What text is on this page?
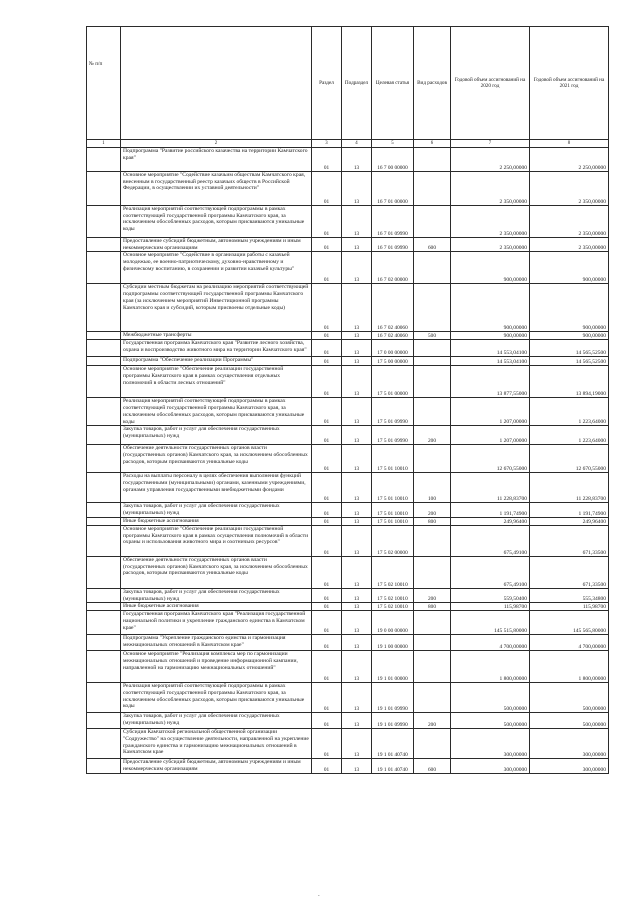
№ п/п		Раздел	Подраздел	Целевая статья	Вид расходов	Годовой объем ассигнований на 2020 год	Годовой объем ассигнований на 2021 год
1	2	3	4	5	6	7	8
	Подпрограмма "Развитие российского казачества на территории Камчатского края"	01	13	16 7 00 00000		2 250,00000	2 250,00000
	Основное мероприятие "Содействие казачьим обществам Камчатского края, внесенным в государственный реестр казачьих обществ в Российской Федерации, в осуществлении их уставной деятельности"	01	13	16 7 01 00000		2 350,00000	2 350,00000
	Реализация мероприятий соответствующей подпрограммы в рамках соответствующей государственной программы Камчатского края, за исключением обособленных расходов, которым присваиваются уникальные коды	01	13	16 7 01 09990		2 350,00000	2 350,00000
	Предоставление субсидий бюджетным, автономным учреждениям и иным некоммерческим организациям	01	13	16 7 01 09990	600	2 350,00000	2 350,00000
	Основное мероприятие "Содействие в организации работы с казачьей молодежью, ее военно-патриотическому, духовно-нравственному и физическому воспитанию, в сохранении и развитии казачьей культуры"	01	13	16 7 02 00000		900,00000	900,00000
	Субсидии местным бюджетам на реализацию мероприятий соответствующей подпрограммы соответствующей государственной программы Камчатского края (за исключением мероприятий Инвестиционной программы Камчатского края и субсидий, которым присвоены отдельные коды)	01	13	16 7 02 40060		900,00000	900,00000
	Межбюджетные трансферты	01	13	16 7 02 40060	500	900,00000	900,00000
	Государственная программа Камчатского края "Развитие лесного хозяйства, охрана и воспроизводство животного мира на территории Камчатского края"	01	13	17 0 00 00000		14 553,04100	14 565,52500
	Подпрограмма "Обеспечение реализации Программы"	01	13	17 5 00 00000		14 553,04100	14 565,52500
	Основное мероприятие "Обеспечение реализации государственной программы Камчатского края в рамках осуществления отдельных полномочий в области лесных отношений"	01	13	17 5 01 00000		13 877,55000	13 894,19000
	Реализация мероприятий соответствующей подпрограммы в рамках соответствующей государственной программы Камчатского края, за исключением обособленных расходов, которым присваиваются уникальные коды	01	13	17 5 01 09990		1 207,00000	1 223,64000
	Закупка товаров, работ и услуг для обеспечения государственных (муниципальных) нужд	01	13	17 5 01 09990	200	1 207,00000	1 223,64000
	Обеспечение деятельности государственных органов власти (государственных органов) Камчатского края, за исключением обособленных расходов, которым присваиваются уникальные коды	01	13	17 5 01 10010		12 670,55000	12 670,55000
	Расходы на выплаты персоналу в целях обеспечения выполнения функций государственными (муниципальными) органами, казенными учреждениями, органами управления государственными внебюджетными фондами	01	13	17 5 01 10010	100	11 228,83700	11 228,83700
	Закупка товаров, работ и услуг для обеспечения государственных (муниципальных) нужд	01	13	17 5 01 10010	200	1 191,74900	1 191,74900
	Иные бюджетные ассигнования	01	13	17 5 01 10010	800	249,96400	249,96400
	Основное мероприятие "Обеспечение реализации государственной программы Камчатского края в рамках осуществления полномочий в области охраны и использования животного мира и охотничьих ресурсов"	01	13	17 5 02 00000		675,49100	671,33500
	Обеспечение деятельности государственных органов власти (государственных органов) Камчатского края, за исключением обособленных расходов, которым присваиваются уникальные коды	01	13	17 5 02 10010		675,49100	671,33500
	Закупка товаров, работ и услуг для обеспечения государственных (муниципальных) нужд	01	13	17 5 02 10010	200	559,50400	555,34800
	Иные бюджетные ассигнования	01	13	17 5 02 10010	800	115,98700	115,98700
	Государственная программа Камчатского края "Реализация государственной национальной политики и укрепление гражданского единства в Камчатском крае"	01	13	19 0 00 00000		145 515,80000	145 565,80000
	Подпрограмма "Укрепление гражданского единства и гармонизация межнациональных отношений в Камчатском крае"	01	13	19 1 00 00000		4 700,00000	4 700,00000
	Основное мероприятие "Реализация комплекса мер по гармонизации межнациональных отношений и проведение информационной кампании, направленной на гармонизацию межнациональных отношений"	01	13	19 1 01 00000		1 800,00000	1 800,00000
	Реализация мероприятий соответствующей подпрограммы в рамках соответствующей государственной программы Камчатского края, за исключением обособленных расходов, которым присваиваются уникальные коды	01	13	19 1 01 09990		500,00000	500,00000
	Закупка товаров, работ и услуг для обеспечения государственных (муниципальных) нужд	01	13	19 1 01 09990	200	500,00000	500,00000
	Субсидия Камчатской региональной общественной организации "Содружество" на осуществление деятельности, направленной на укрепление гражданского единства и гармонизацию межнациональных отношений в Камчатском крае	01	13	19 1 01 40740		300,00000	300,00000
	Предоставление субсидий бюджетным, автономным учреждениям и иным некоммерческим организациям	01	13	19 1 01 40740	600	300,00000	300,00000
.
